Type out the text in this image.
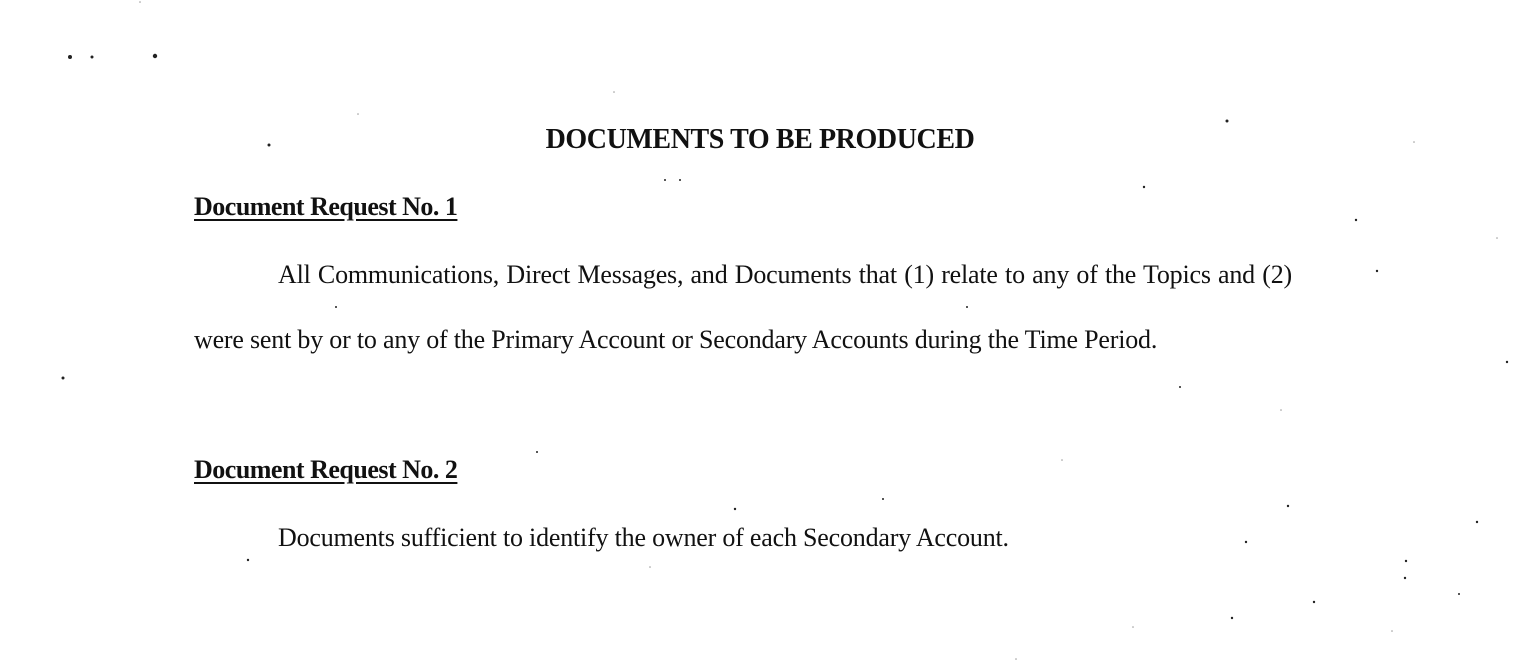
DOCUMENTS TO BE PRODUCED
Document Request No. 1
All Communications, Direct Messages, and Documents that (1) relate to any of the Topics and (2) were sent by or to any of the Primary Account or Secondary Accounts during the Time Period.
Document Request No. 2
Documents sufficient to identify the owner of each Secondary Account.
